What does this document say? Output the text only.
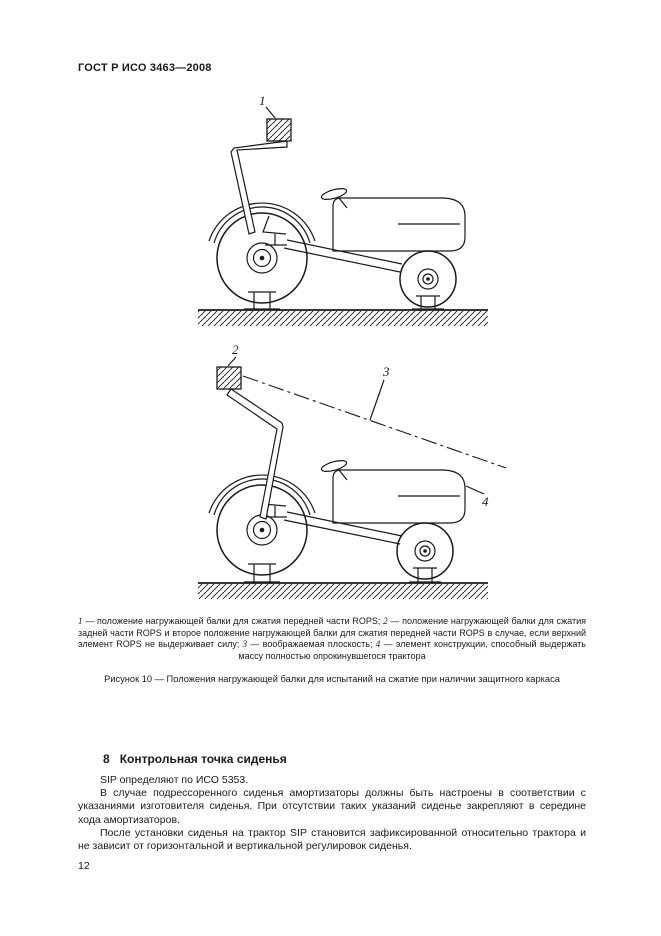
ГОСТ Р ИСО 3463—2008
1
2
3
4

1 — положение нагружающей балки для сжатия передней части ROPS; 2 — положение нагружающей балки для сжатия задней части ROPS и второе положение нагружающей балки для сжатия передней части ROPS в случае, если верхний элемент ROPS не выдерживает силу; 3 — воображаемая плоскость; 4 — элемент конструкции, способный выдержать массу полностью опрокинувшегося трактора

Рисунок 10 — Положения нагружающей балки для испытаний на сжатие при наличии защитного каркаса

8 Контрольная точка сиденья

SIP определяют по ИСО 5353.

В случае подрессоренного сиденья амортизаторы должны быть настроены в соответствии с указаниями изготовителя сиденья. При отсутствии таких указаний сиденье закрепляют в середине хода амортизаторов.

После установки сиденья на трактор SIP становится зафиксированной относительно трактора и не зависит от горизонтальной и вертикальной регулировок сиденья.

12
